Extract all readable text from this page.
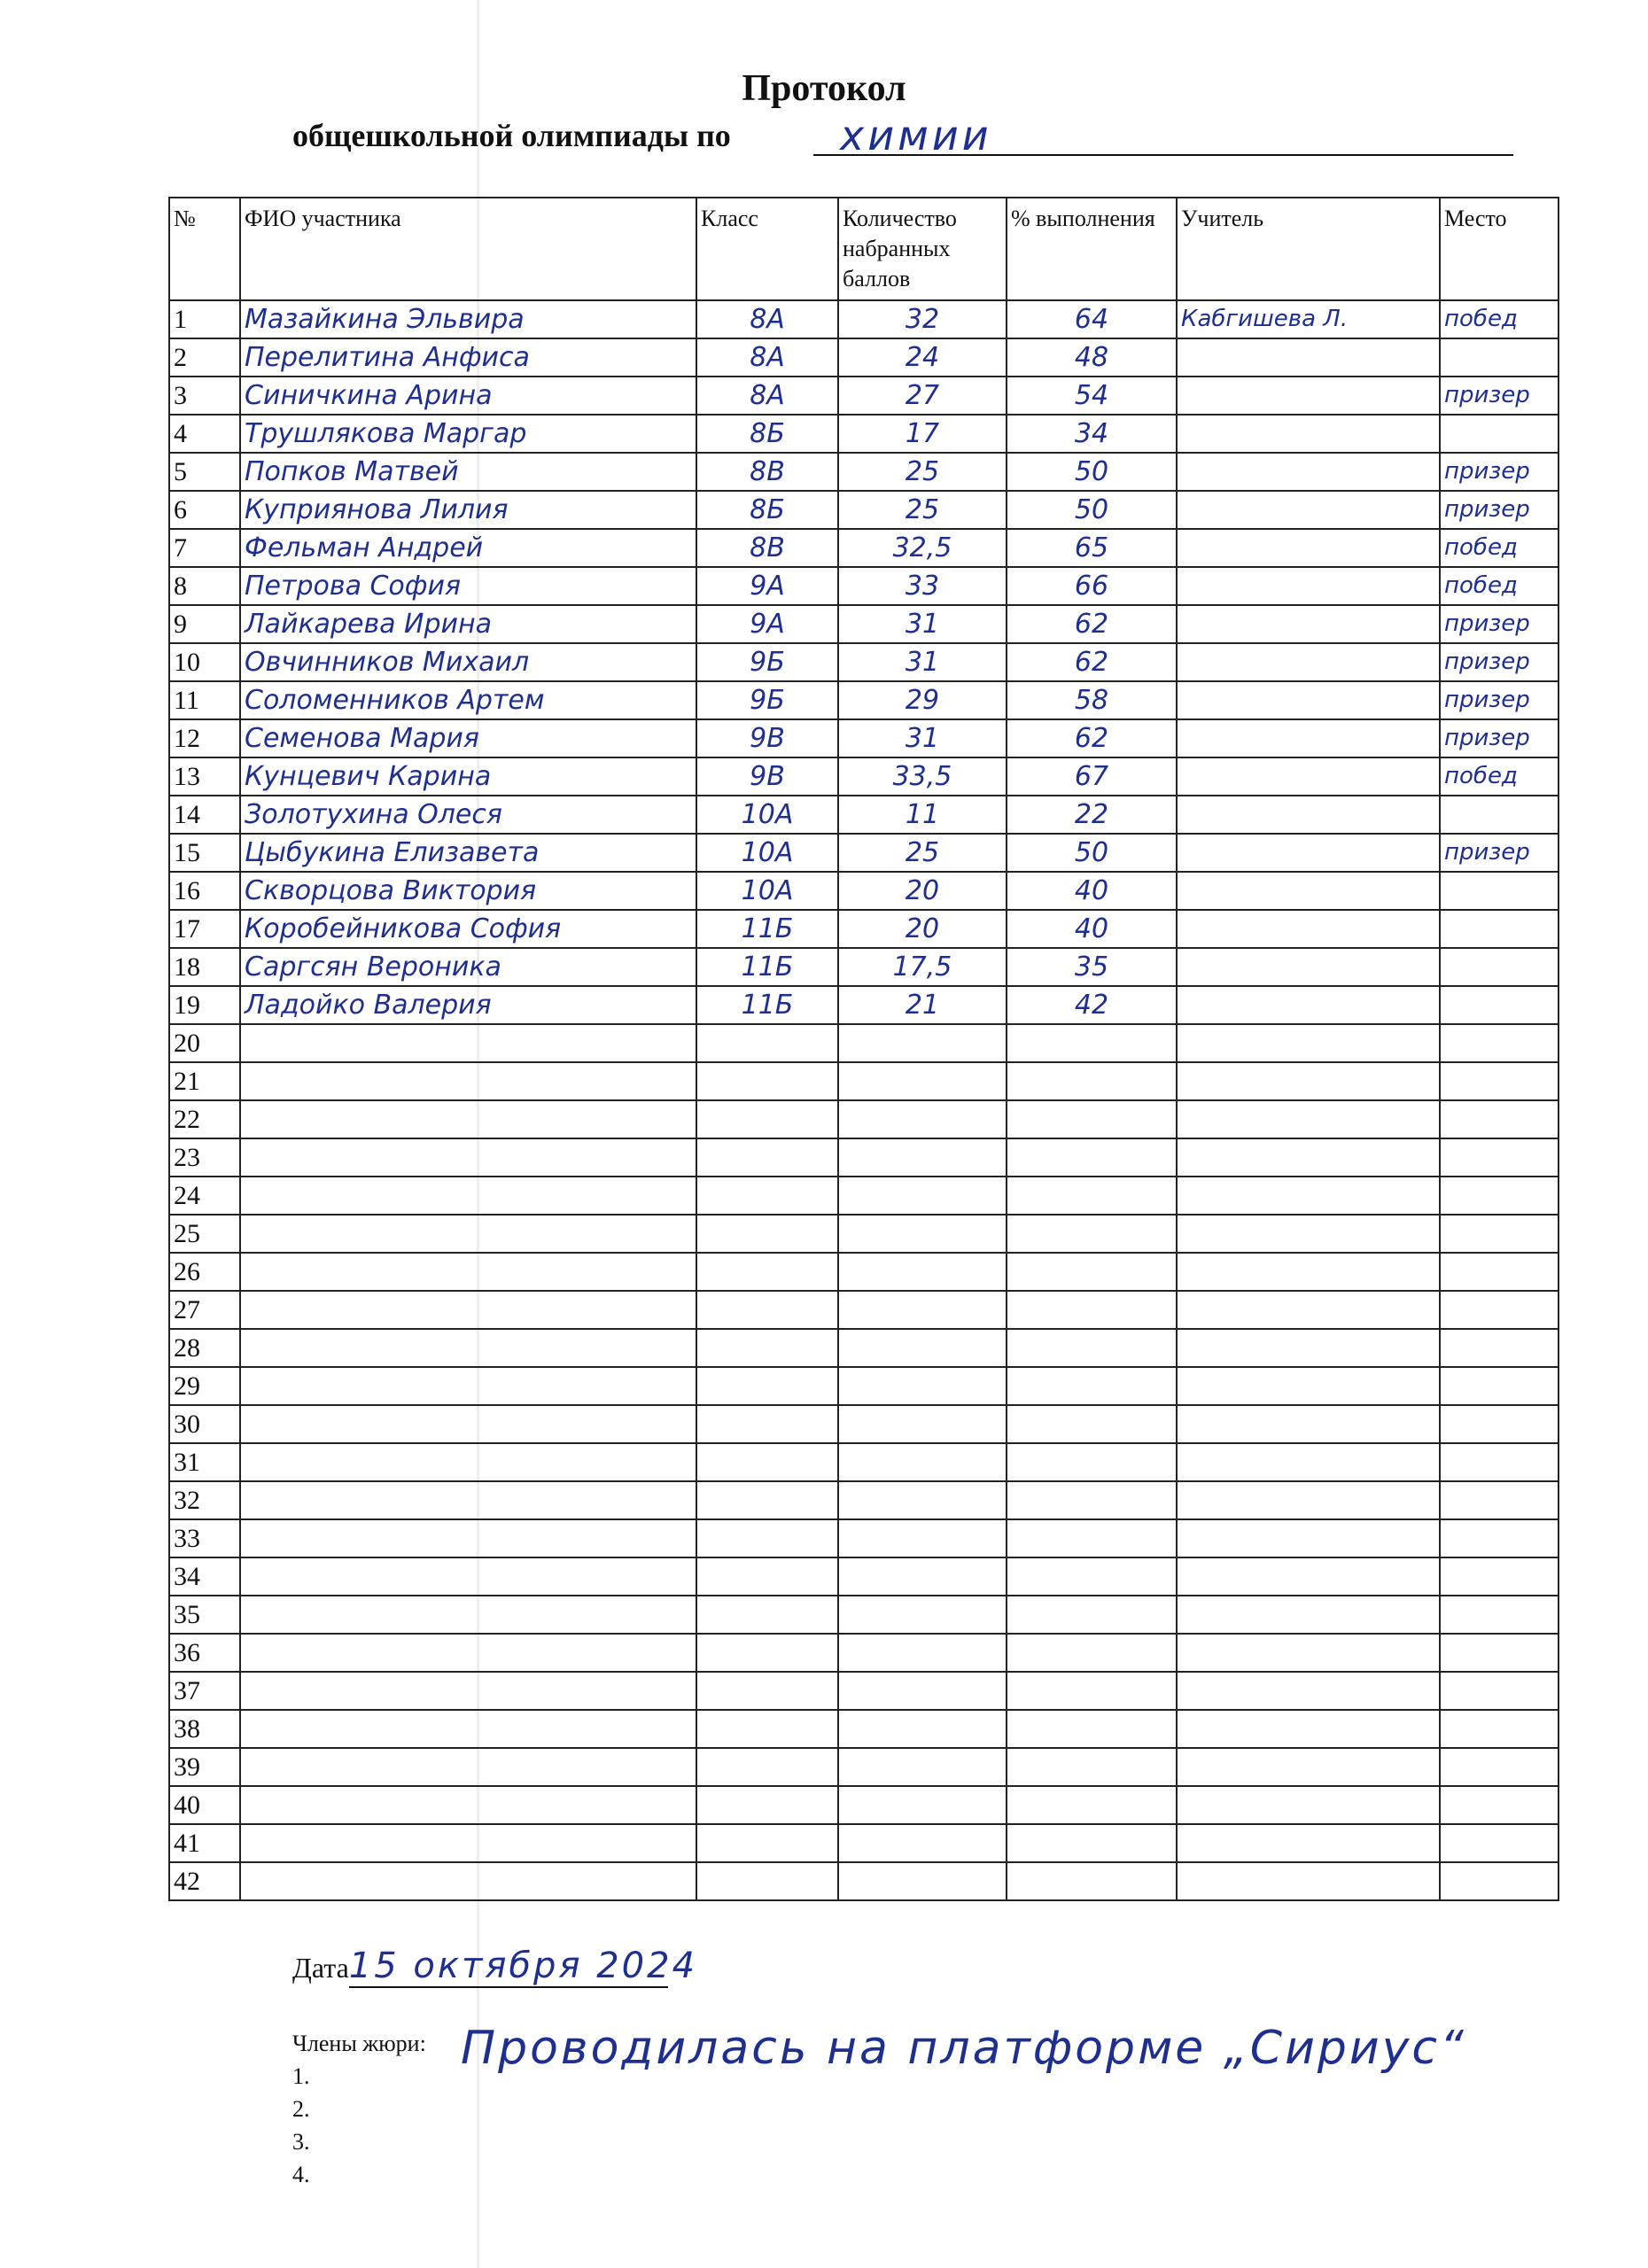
Протокол
общешкольной олимпиады по	химии
№	ФИО участника	Класс	Количество набранных баллов	% выполнения	Учитель	Место
1	Мазайкина Эльвира	8А	32	64	Кабгишева Л.	побед
2	Перелитина Анфиса	8А	24	48		
3	Синичкина Арина	8А	27	54		призер
4	Трушлякова Маргар	8Б	17	34		
5	Попков Матвей	8В	25	50		призер
6	Куприянова Лилия	8Б	25	50		призер
7	Фельман Андрей	8В	32,5	65		побед
8	Петрова София	9А	33	66		побед
9	Лайкарева Ирина	9А	31	62		призер
10	Овчинников Михаил	9Б	31	62		призер
11	Соломенников Артем	9Б	29	58		призер
12	Семенова Мария	9В	31	62		призер
13	Кунцевич Карина	9В	33,5	67		побед
14	Золотухина Олеся	10А	11	22		
15	Цыбукина Елизавета	10А	25	50		призер
16	Скворцова Виктория	10А	20	40		
17	Коробейникова София	11Б	20	40		
18	Саргсян Вероника	11Б	17,5	35		
19	Ладойко Валерия	11Б	21	42		
20						
21						
22						
23						
24						
25						
26						
27						
28						
29						
30						
31						
32						
33						
34						
35						
36						
37						
38						
39						
40						
41						
42						
Дата15 октября 2024
Члены жюри:
1.
2.
3.
4.
Проводилась на платформе „Сириус“
